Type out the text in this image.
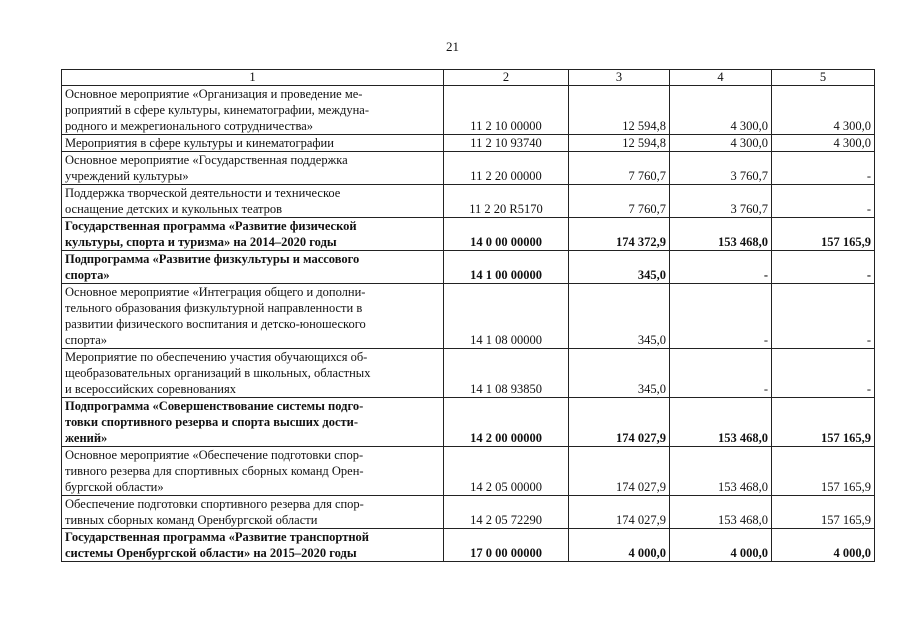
21
1	2	3	4	5

Основное мероприятие «Организация и проведение ме-
роприятий в сфере культуры, кинематографии, междуна-
родного и межрегионального сотрудничества»	11 2 10 00000	12 594,8	4 300,0	4 300,0

Мероприятия в сфере культуры и кинематографии	11 2 10 93740	12 594,8	4 300,0	4 300,0

Основное мероприятие «Государственная поддержка
учреждений культуры»	11 2 20 00000	7 760,7	3 760,7	-

Поддержка творческой деятельности и техническое
оснащение детских и кукольных театров	11 2 20 R5170	7 760,7	3 760,7	-

Государственная программа «Развитие физической
культуры, спорта и туризма» на 2014–2020 годы	14 0 00 00000	174 372,9	153 468,0	157 165,9

Подпрограмма «Развитие физкультуры и массового
спорта»	14 1 00 00000	345,0	-	-

Основное мероприятие «Интеграция общего и дополни-
тельного образования физкультурной направленности в
развитии физического воспитания и детско-юношеского
спорта»	14 1 08 00000	345,0	-	-

Мероприятие по обеспечению участия обучающихся об-
щеобразовательных организаций в школьных, областных
и всероссийских соревнованиях	14 1 08 93850	345,0	-	-

Подпрограмма «Совершенствование системы подго-
товки спортивного резерва и спорта высших дости-
жений»	14 2 00 00000	174 027,9	153 468,0	157 165,9

Основное мероприятие «Обеспечение подготовки спор-
тивного резерва для спортивных сборных команд Орен-
бургской области»	14 2 05 00000	174 027,9	153 468,0	157 165,9

Обеспечение подготовки спортивного резерва для спор-
тивных сборных команд Оренбургской области	14 2 05 72290	174 027,9	153 468,0	157 165,9

Государственная программа «Развитие транспортной
системы Оренбургской области» на 2015–2020 годы	17 0 00 00000	4 000,0	4 000,0	4 000,0
